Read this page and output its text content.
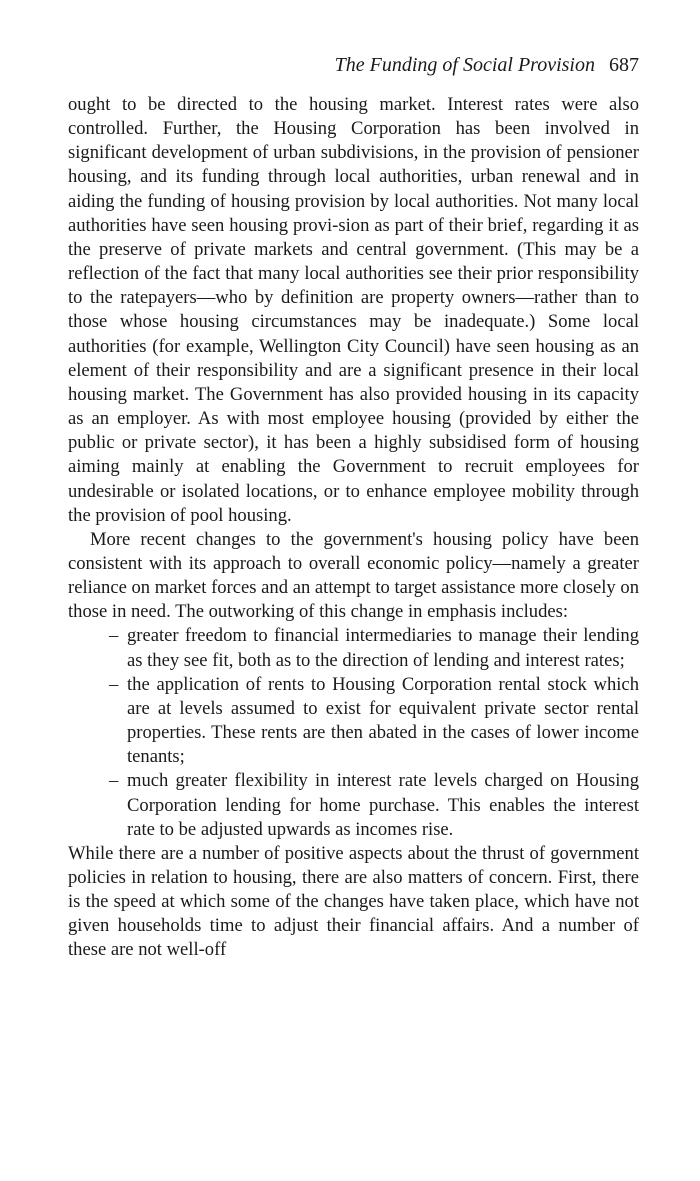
The Funding of Social Provision 687

ought to be directed to the housing market. Interest rates were also controlled. Further, the Housing Corporation has been involved in significant development of urban subdivisions, in the provision of pensioner housing, and its funding through local authorities, urban renewal and in aiding the funding of housing provision by local authorities. Not many local authorities have seen housing provi-sion as part of their brief, regarding it as the preserve of private markets and central government. (This may be a reflection of the fact that many local authorities see their prior responsibility to the ratepayers—who by definition are property owners—rather than to those whose housing circumstances may be inadequate.) Some local authorities (for example, Wellington City Council) have seen housing as an element of their responsibility and are a significant presence in their local housing market. The Government has also provided housing in its capacity as an employer. As with most employee housing (provided by either the public or private sector), it has been a highly subsidised form of housing aiming mainly at enabling the Government to recruit employees for undesirable or isolated locations, or to enhance employee mobility through the provision of pool housing.

More recent changes to the government's housing policy have been consistent with its approach to overall economic policy—namely a greater reliance on market forces and an attempt to target assistance more closely on those in need. The outworking of this change in emphasis includes:

– greater freedom to financial intermediaries to manage their lending as they see fit, both as to the direction of lending and interest rates;
– the application of rents to Housing Corporation rental stock which are at levels assumed to exist for equivalent private sector rental properties. These rents are then abated in the cases of lower income tenants;
– much greater flexibility in interest rate levels charged on Housing Corporation lending for home purchase. This enables the interest rate to be adjusted upwards as incomes rise.

While there are a number of positive aspects about the thrust of government policies in relation to housing, there are also matters of concern. First, there is the speed at which some of the changes have taken place, which have not given households time to adjust their financial affairs. And a number of these are not well-off
